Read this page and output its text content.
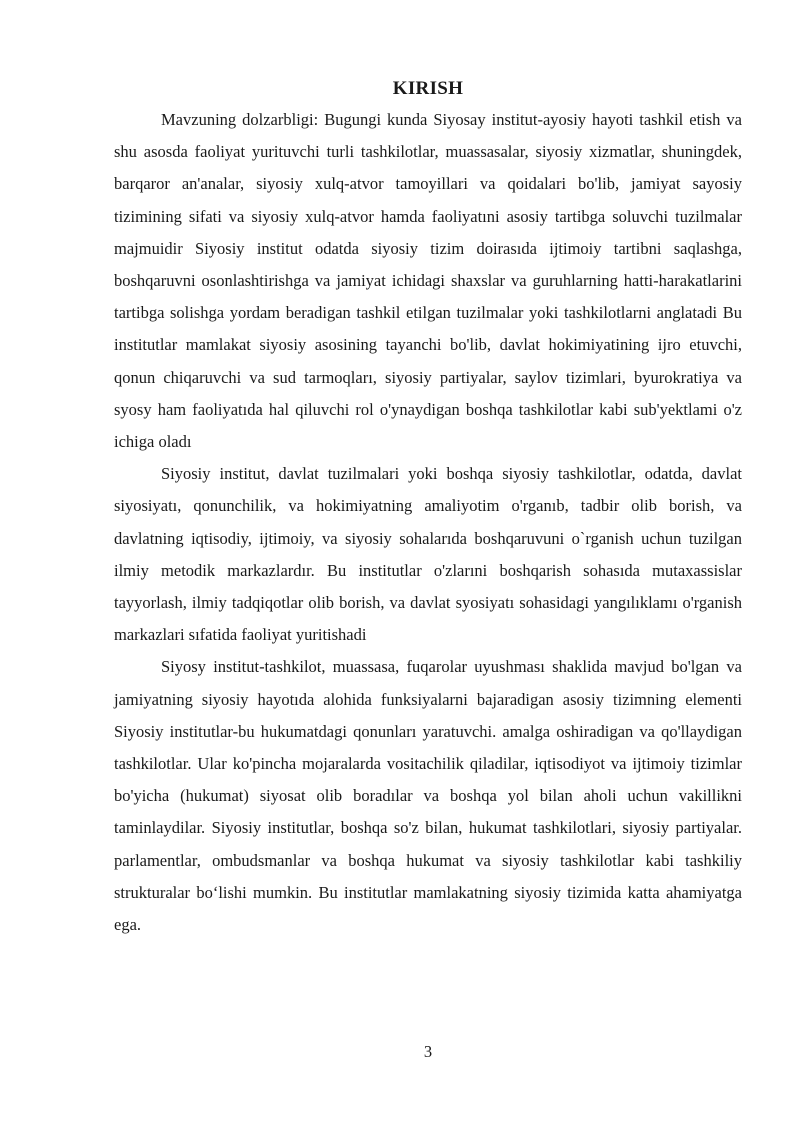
KIRISH

Mavzuning dolzarbligi: Bugungi kunda Siyosay institut-ayosiy hayoti tashkil etish va shu asosda faoliyat yurituvchi turli tashkilotlar, muassasalar, siyosiy xizmatlar, shuningdek, barqaror an'analar, siyosiy xulq-atvor tamoyillari va qoidalari bo'lib, jamiyat sayosiy tizimining sifati va siyosiy xulq-atvor hamda faoliyatıni asosiy tartibga soluvchi tuzilmalar majmuidir Siyosiy institut odatda siyosiy tizim doirasıda ijtimoiy tartibni saqlashga, boshqaruvni osonlashtirishga va jamiyat ichidagi shaxslar va guruhlarning hatti-harakatlarini tartibga solishga yordam beradigan tashkil etilgan tuzilmalar yoki tashkilotlarni anglatadi Bu institutlar mamlakat siyosiy asosining tayanchi bo'lib, davlat hokimiyatining ijro etuvchi, qonun chiqaruvchi va sud tarmoqları, siyosiy partiyalar, saylov tizimlari, byurokratiya va syosy ham faoliyatıda hal qiluvchi rol o'ynaydigan boshqa tashkilotlar kabi sub'yektlami o'z ichiga oladı

Siyosiy institut, davlat tuzilmalari yoki boshqa siyosiy tashkilotlar, odatda, davlat siyosiyatı, qonunchilik, va hokimiyatning amaliyotim o'rganıb, tadbir olib borish, va davlatning iqtisodiy, ijtimoiy, va siyosiy sohalarıda boshqaruvuni o`rganish uchun tuzilgan ilmiy metodik markazlardır. Bu institutlar o'zlarıni boshqarish sohasıda mutaxassislar tayyorlash, ilmiy tadqiqotlar olib borish, va davlat syosiyatı sohasidagi yangılıklamı o'rganish markazlari sıfatida faoliyat yuritishadi

Siyosy institut-tashkilot, muassasa, fuqarolar uyushması shaklida mavjud bo'lgan va jamiyatning siyosiy hayotıda alohida funksiyalarni bajaradigan asosiy tizimning elementi Siyosiy institutlar-bu hukumatdagi qonunları yaratuvchi. amalga oshiradigan va qo'llaydigan tashkilotlar. Ular ko'pincha mojaralarda vositachilik qiladilar, iqtisodiyot va ijtimoiy tizimlar bo'yicha (hukumat) siyosat olib boradılar va boshqa yol bilan aholi uchun vakillikni taminlaydilar. Siyosiy institutlar, boshqa so'z bilan, hukumat tashkilotlari, siyosiy partiyalar. parlamentlar, ombudsmanlar va boshqa hukumat va siyosiy tashkilotlar kabi tashkiliy strukturalar bo‘lishi mumkin. Bu institutlar mamlakatning siyosiy tizimida katta ahamiyatga ega.

3
